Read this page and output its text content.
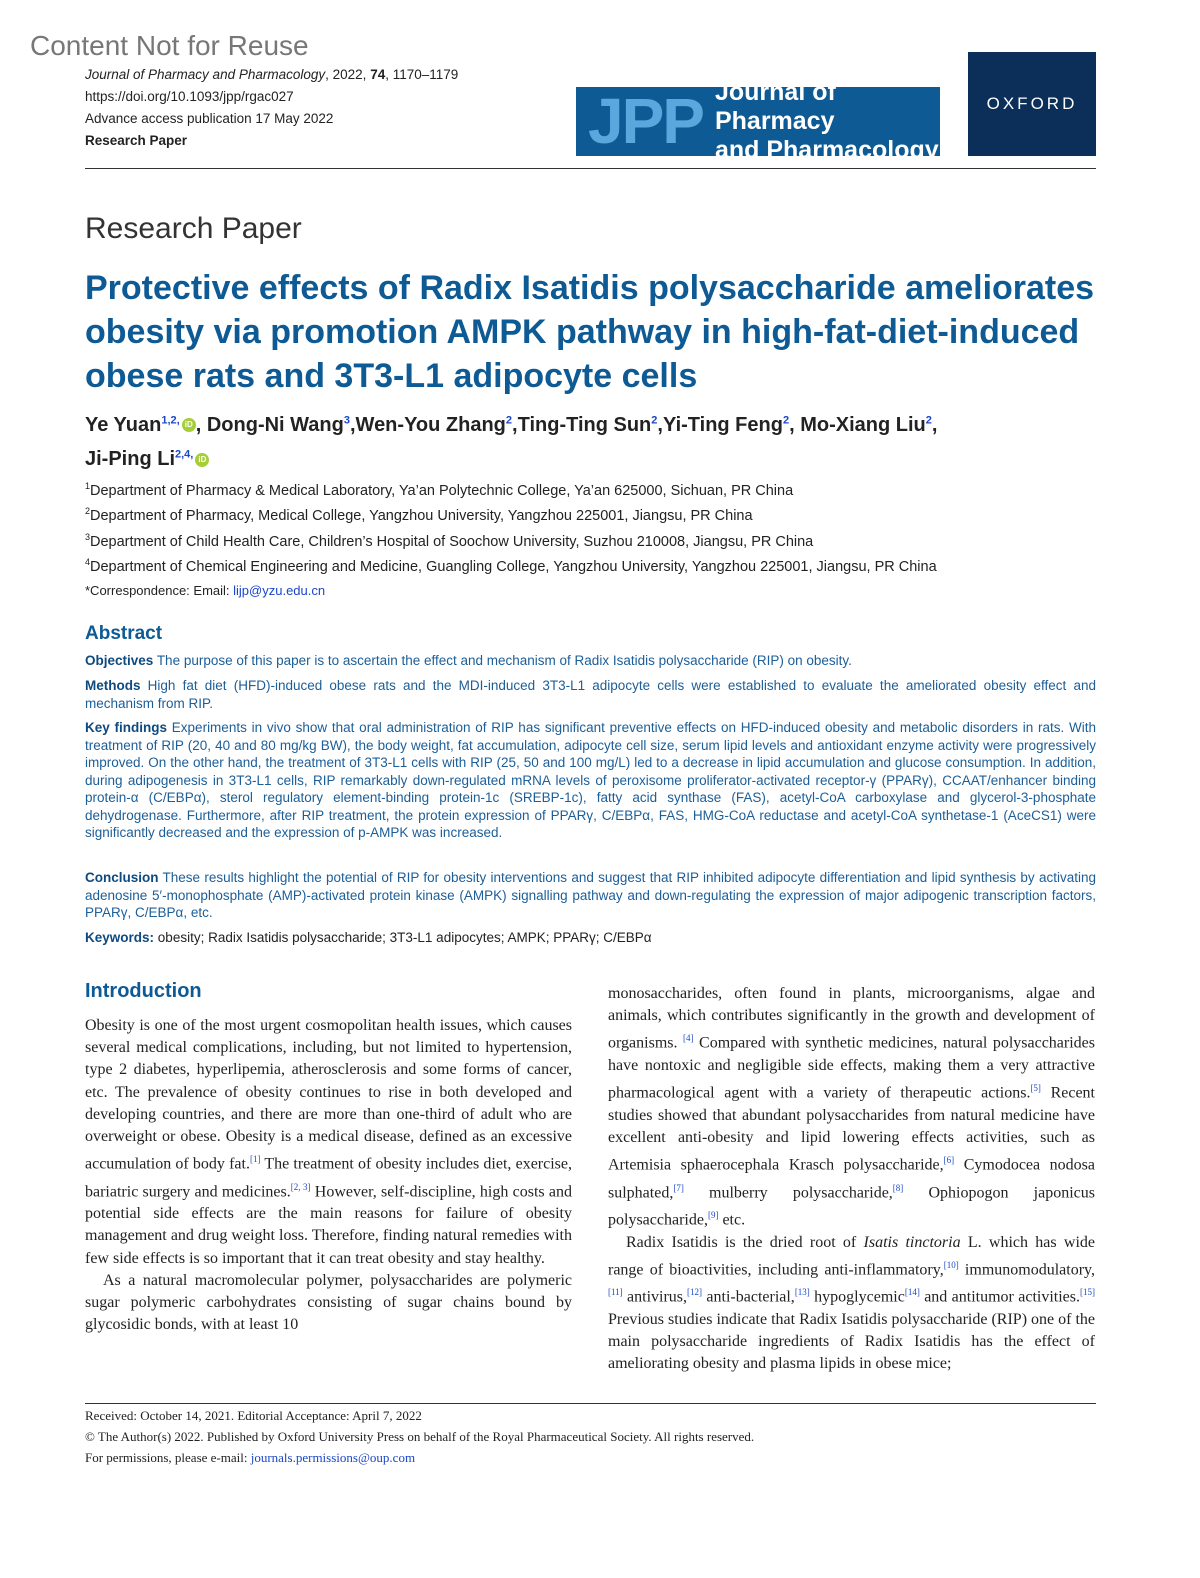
Content Not for Reuse
Journal of Pharmacy and Pharmacology, 2022, 74, 1170–1179
https://doi.org/10.1093/jpp/rgac027
Advance access publication 17 May 2022
Research Paper	JPP Journal of Pharmacy
and Pharmacology
OXFORD
Research Paper
Protective effects of Radix Isatidis polysaccharide ameliorates obesity via promotion AMPK pathway in high-fat-diet-induced obese rats and 3T3-L1 adipocyte cells
Ye Yuan$^{1,2,}$ iD , Dong-Ni Wang$^3$,Wen-You Zhang$^2$,Ting-Ting Sun$^2$,Yi-Ting Feng$^2$, Mo-Xiang Liu$^2$,
Ji-Ping $Li^{2,4,}$ iD
$^1$Department of Pharmacy & Medical Laboratory, Ya’an Polytechnic College, Ya’an 625000, Sichuan, PR China
$^2$Department of Pharmacy, Medical College, Yangzhou University, Yangzhou 225001, Jiangsu, PR China
$^3$Department of Child Health Care, Children’s Hospital of Soochow University, Suzhou 210008, Jiangsu, PR China
$^4$Department of Chemical Engineering and Medicine, Guangling College, Yangzhou University, Yangzhou 225001, Jiangsu, PR China
*Correspondence: Email: lijp@yzu.edu.cn
Abstract
Objectives The purpose of this paper is to ascertain the effect and mechanism of Radix Isatidis polysaccharide (RIP) on obesity.
Methods High fat diet (HFD)-induced obese rats and the MDI-induced 3T3-L1 adipocyte cells were established to evaluate the ameliorated obesity effect and mechanism from RIP.
Key findings Experiments in vivo show that oral administration of RIP has significant preventive effects on HFD-induced obesity and metabolic disorders in rats. With treatment of RIP (20, 40 and 80 mg/kg BW), the body weight, fat accumulation, adipocyte cell size, serum lipid levels and antioxidant enzyme activity were progressively improved. On the other hand, the treatment of 3T3-L1 cells with RIP (25, 50 and 100 mg/L) led to a decrease in lipid accumulation and glucose consumption. In addition, during adipogenesis in 3T3-L1 cells, RIP remarkably down-regulated mRNA levels of peroxisome proliferator-activated receptor-γ (PPARγ), CCAAT/enhancer binding protein-α (C/EBPα), sterol regulatory element-binding protein-1c (SREBP-1c), fatty acid synthase (FAS), acetyl-CoA carboxylase and glycerol-3-phosphate dehydrogenase. Furthermore, after RIP treatment, the protein expression of PPARγ, C/EBPα, FAS, HMG-CoA reductase and acetyl-CoA synthetase-1 (AceCS1) were significantly decreased and the expression of p-AMPK was increased.
Conclusion These results highlight the potential of RIP for obesity interventions and suggest that RIP inhibited adipocyte differentiation and lipid synthesis by activating adenosine 5′-monophosphate (AMP)-activated protein kinase (AMPK) signalling pathway and down-regulating the expression of major adipogenic transcription factors, PPARγ, C/EBPα, etc.
Keywords: obesity; Radix Isatidis polysaccharide; 3T3-L1 adipocytes; AMPK; PPARγ; C/EBPα
Introduction

Obesity is one of the most urgent cosmopolitan health issues, which causes several medical complications, including, but not limited to hypertension, type 2 diabetes, hyperlipemia, atherosclerosis and some forms of cancer, etc. The prevalence of obesity continues to rise in both developed and developing countries, and there are more than one-third of adult who are overweight or obese. Obesity is a medical disease, defined as an excessive accumulation of body fat.[1] The treatment of obesity includes diet, exercise, bariatric surgery and medicines.[2, 3] However, self-discipline, high costs and potential side effects are the main reasons for failure of obesity management and drug weight loss. Therefore, finding natural remedies with few side effects is so important that it can treat obesity and stay healthy.

As a natural macromolecular polymer, polysaccharides are polymeric sugar polymeric carbohydrates consisting of sugar chains bound by glycosidic bonds, with at least 10

monosaccharides, often found in plants, microorganisms, algae and animals, which contributes significantly in the growth and development of organisms. [4] Compared with synthetic medicines, natural polysaccharides have nontoxic and negligible side effects, making them a very attractive pharmacological agent with a variety of therapeutic actions.[5] Recent studies showed that abundant polysaccharides from natural medicine have excellent anti-obesity and lipid lowering effects activities, such as Artemisia sphaerocephala Krasch polysaccharide,[6] Cymodocea nodosa sulphated,[7] mulberry polysaccharide,[8] Ophiopogon japonicus polysaccharide,[9] etc.

Radix Isatidis is the dried root of Isatis tinctoria L. which has wide range of bioactivities, including anti-inflammatory,[10] immunomodulatory,[11] antivirus,[12] anti-bacterial,[13] hypoglycemic[14] and antitumor activities.[15] Previous studies indicate that Radix Isatidis polysaccharide (RIP) one of the main polysaccharide ingredients of Radix Isatidis has the effect of ameliorating obesity and plasma lipids in obese mice;

Received: October 14, 2021. Editorial Acceptance: April 7, 2022
© The Author(s) 2022. Published by Oxford University Press on behalf of the Royal Pharmaceutical Society. All rights reserved.
For permissions, please e-mail: journals.permissions@oup.com
